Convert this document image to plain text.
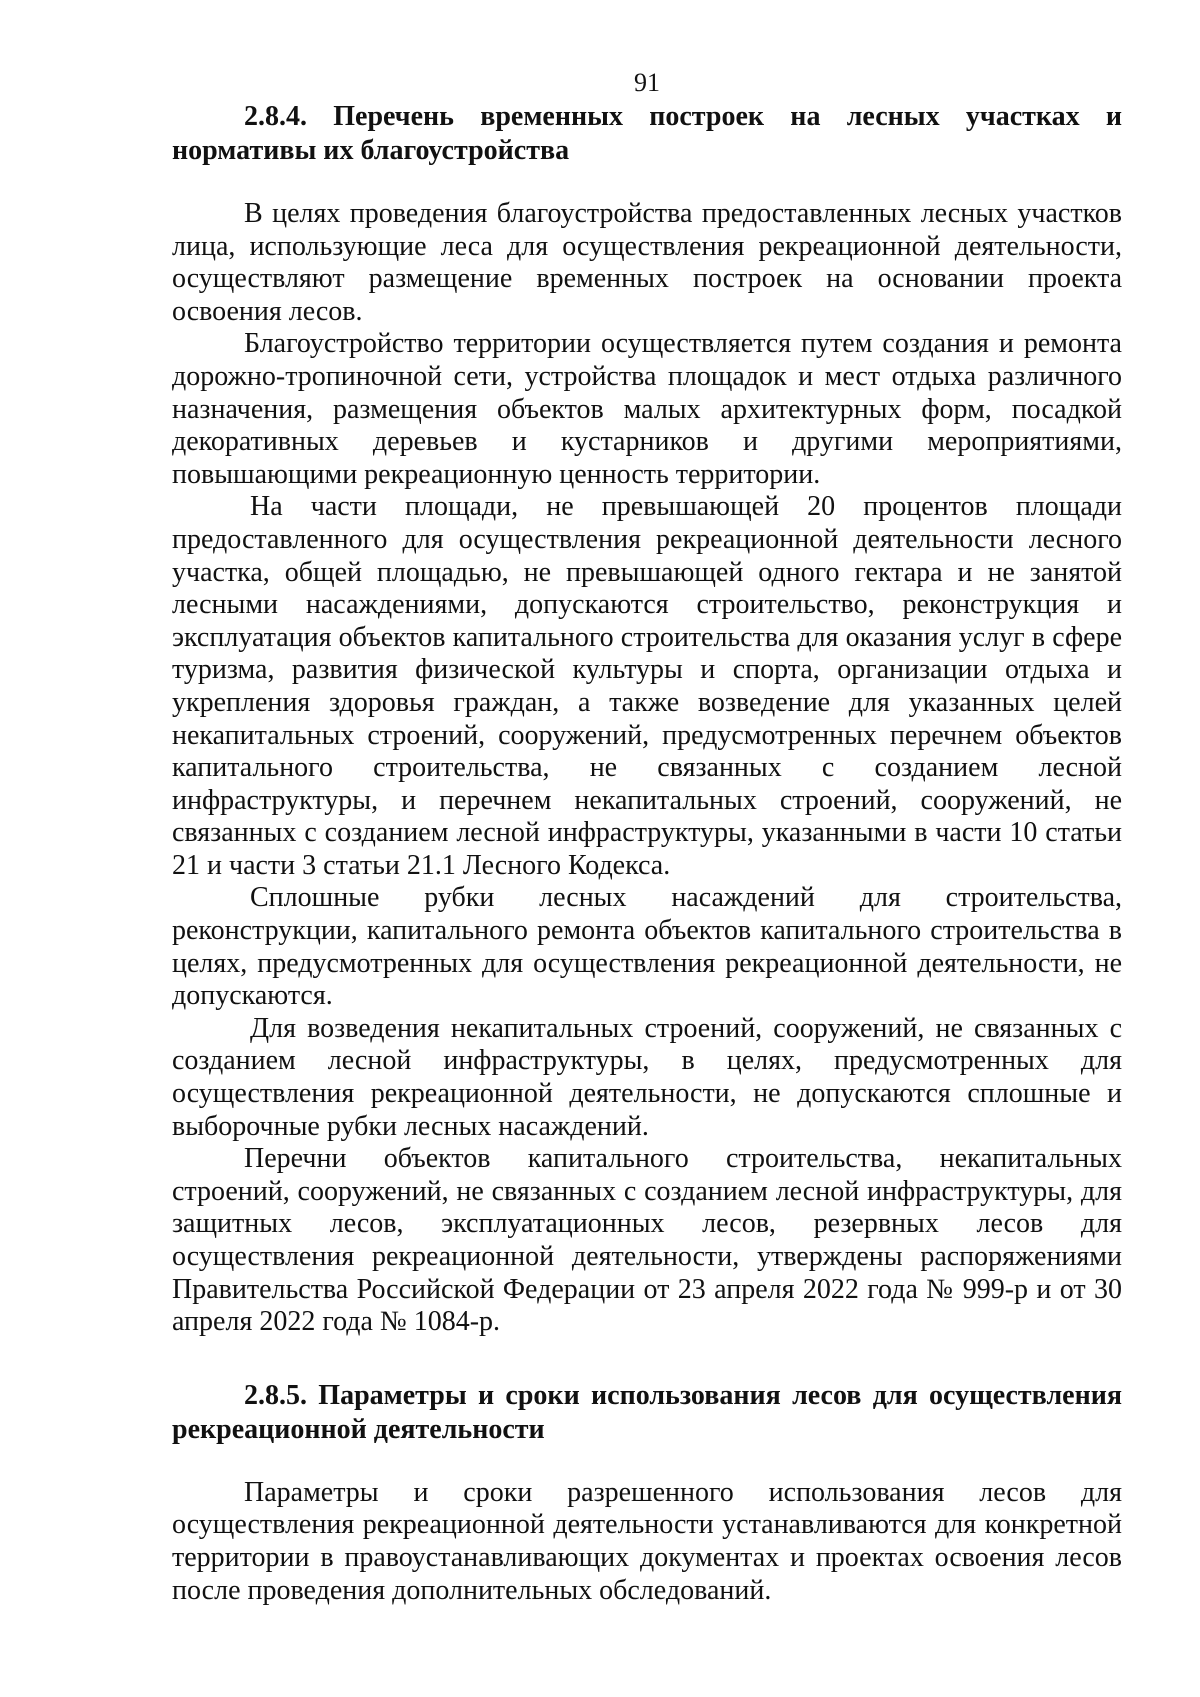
91

2.8.4. Перечень временных построек на лесных участках и нормативы их благоустройства

В целях проведения благоустройства предоставленных лесных участков лица, использующие леса для осуществления рекреационной деятельности, осуществляют размещение временных построек на основании проекта освоения лесов.

Благоустройство территории осуществляется путем создания и ремонта дорожно-тропиночной сети, устройства площадок и мест отдыха различного назначения, размещения объектов малых архитектурных форм, посадкой декоративных деревьев и кустарников и другими мероприятиями, повышающими рекреационную ценность территории.

На части площади, не превышающей 20 процентов площади предоставленного для осуществления рекреационной деятельности лесного участка, общей площадью, не превышающей одного гектара и не занятой лесными насаждениями, допускаются строительство, реконструкция и эксплуатация объектов капитального строительства для оказания услуг в сфере туризма, развития физической культуры и спорта, организации отдыха и укрепления здоровья граждан, а также возведение для указанных целей некапитальных строений, сооружений, предусмотренных перечнем объектов капитального строительства, не связанных с созданием лесной инфраструктуры, и перечнем некапитальных строений, сооружений, не связанных с созданием лесной инфраструктуры, указанными в части 10 статьи 21 и части 3 статьи 21.1 Лесного Кодекса.

Сплошные рубки лесных насаждений для строительства, реконструкции, капитального ремонта объектов капитального строительства в целях, предусмотренных для осуществления рекреационной деятельности, не допускаются.

Для возведения некапитальных строений, сооружений, не связанных с созданием лесной инфраструктуры, в целях, предусмотренных для осуществления рекреационной деятельности, не допускаются сплошные и выборочные рубки лесных насаждений.

Перечни объектов капитального строительства, некапитальных строений, сооружений, не связанных с созданием лесной инфраструктуры, для защитных лесов, эксплуатационных лесов, резервных лесов для осуществления рекреационной деятельности, утверждены распоряжениями Правительства Российской Федерации от 23 апреля 2022 года № 999-р и от 30 апреля 2022 года № 1084-р.

2.8.5. Параметры и сроки использования лесов для осуществления рекреационной деятельности

Параметры и сроки разрешенного использования лесов для осуществления рекреационной деятельности устанавливаются для конкретной территории в правоустанавливающих документах и проектах освоения лесов после проведения дополнительных обследований.
